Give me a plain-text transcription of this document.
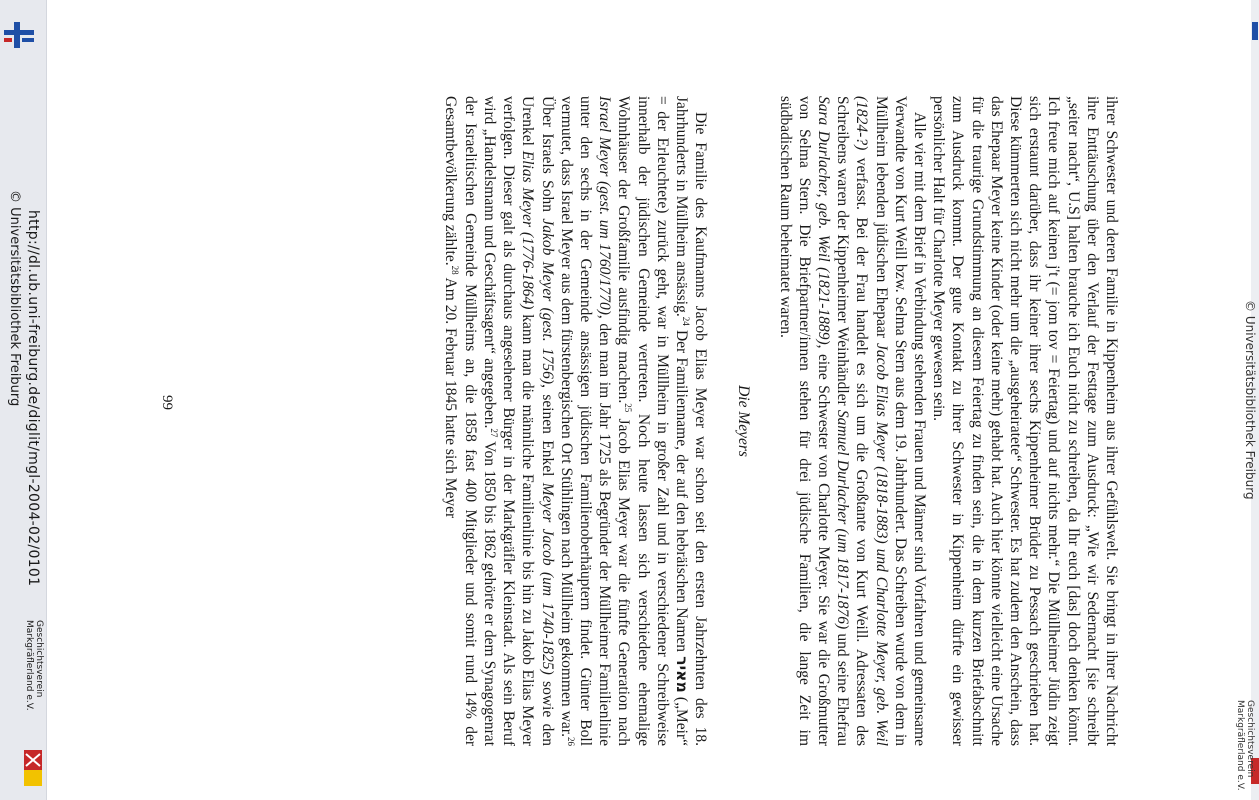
© Universitätsbibliothek Freiburg
Geschichtsverein Markgräflerland e.V.

ihrer Schwester und deren Familie in Kippenheim aus ihrer Gefühlswelt. Sie bringt in ihrer Nachricht ihre Enttäuschung über den Verlauf der Festtage zum Ausdruck: „Wie wir Sedernacht [sie schreibt „seiter nacht“, U.S] halten brauche ich Euch nicht zu schreiben, da Ihr euch [das] doch denken könnt. Ich freue mich auf keinen j't (= jom tov = Feiertag) und auf nichts mehr.“ Die Müllheimer Jüdin zeigt sich erstaunt darüber, dass ihr keiner ihrer sechs Kippenheimer Brüder zu Pessach geschrieben hat. Diese kümmerten sich nicht mehr um die „ausgeheiratete“ Schwester. Es hat zudem den Anschein, dass das Ehepaar Meyer keine Kinder (oder keine mehr) gehabt hat. Auch hier könnte vielleicht eine Ursache für die traurige Grundstimmung an diesem Feiertag zu finden sein, die in dem kurzen Briefabschnitt zum Ausdruck kommt. Der gute Kontakt zu ihrer Schwester in Kippenheim dürfte ein gewisser persönlicher Halt für Charlotte Meyer gewesen sein.

Alle vier mit dem Brief in Verbindung stehenden Frauen und Männer sind Vorfahren und gemeinsame Verwandte von Kurt Weill bzw. Selma Stern aus dem 19. Jahrhundert. Das Schreiben wurde von dem in Müllheim lebenden jüdischen Ehepaar Jacob Elias Meyer (1818-1883) und Charlotte Meyer, geb. Weil (1824-?) verfasst. Bei der Frau handelt es sich um die Großtante von Kurt Weill. Adressaten des Schreibens waren der Kippenheimer Weinhändler Samuel Durlacher (um 1817-1876) und seine Ehefrau Sara Durlacher, geb. Weil (1821-1889), eine Schwester von Charlotte Meyer. Sie war die Großmutter von Selma Stern. Die Briefpartner/innen stehen für drei jüdische Familien, die lange Zeit im südbadischen Raum beheimatet waren.

Die Meyers

Die Familie des Kaufmanns Jacob Elias Meyer war schon seit den ersten Jahrzehnten des 18. Jahrhunderts in Müllheim ansässig.$^{24}$ Der Familienname, der auf den hebräischen Namen מאיר („Meir“ = der Erleuchtete) zurück geht, war in Müllheim in großer Zahl und in verschiedener Schreibweise innerhalb der jüdischen Gemeinde vertreten. Noch heute lassen sich verschiedene ehemalige Wohnhäuser der Großfamilie ausfindig machen.$^{25}$ Jacob Elias Meyer war die fünfte Generation nach Israel Meyer (gest. um 1760/1770), den man im Jahr 1725 als Begründer der Müllheimer Familienlinie unter den sechs in der Gemeinde ansässigen jüdischen Familienoberhäuptern findet. Günter Boll vermutet, dass Israel Meyer aus dem fürstenbergischen Ort Stühlingen nach Müllheim gekommen war.$^{26}$ Über Israels Sohn Jakob Meyer (gest. 1756), seinen Enkel Meyer Jacob (um 1740-1825) sowie den Urenkel Elias Meyer (1776-1864) kann man die männliche Familienlinie bis hin zu Jakob Elias Meyer verfolgen. Dieser galt als durchaus angesehener Bürger in der Markgräfler Kleinstadt. Als sein Beruf wird „Handelsmann und Geschäftsagent“ angegeben.$^{27}$ Von 1850 bis 1862 gehörte er dem Synagogenrat der Israelitischen Gemeinde Müllheims an, die 1858 fast 400 Mitglieder und somit rund 14% der Gesamtbevölkerung zählte.$^{28}$ Am 20. Februar 1845 hatte sich Meyer

99
http://dl.ub.uni-freiburg.de/diglit/mgl-2004-02/0101
© Universitätsbibliothek Freiburg
Geschichtsverein
Markgräflerland e.V.
